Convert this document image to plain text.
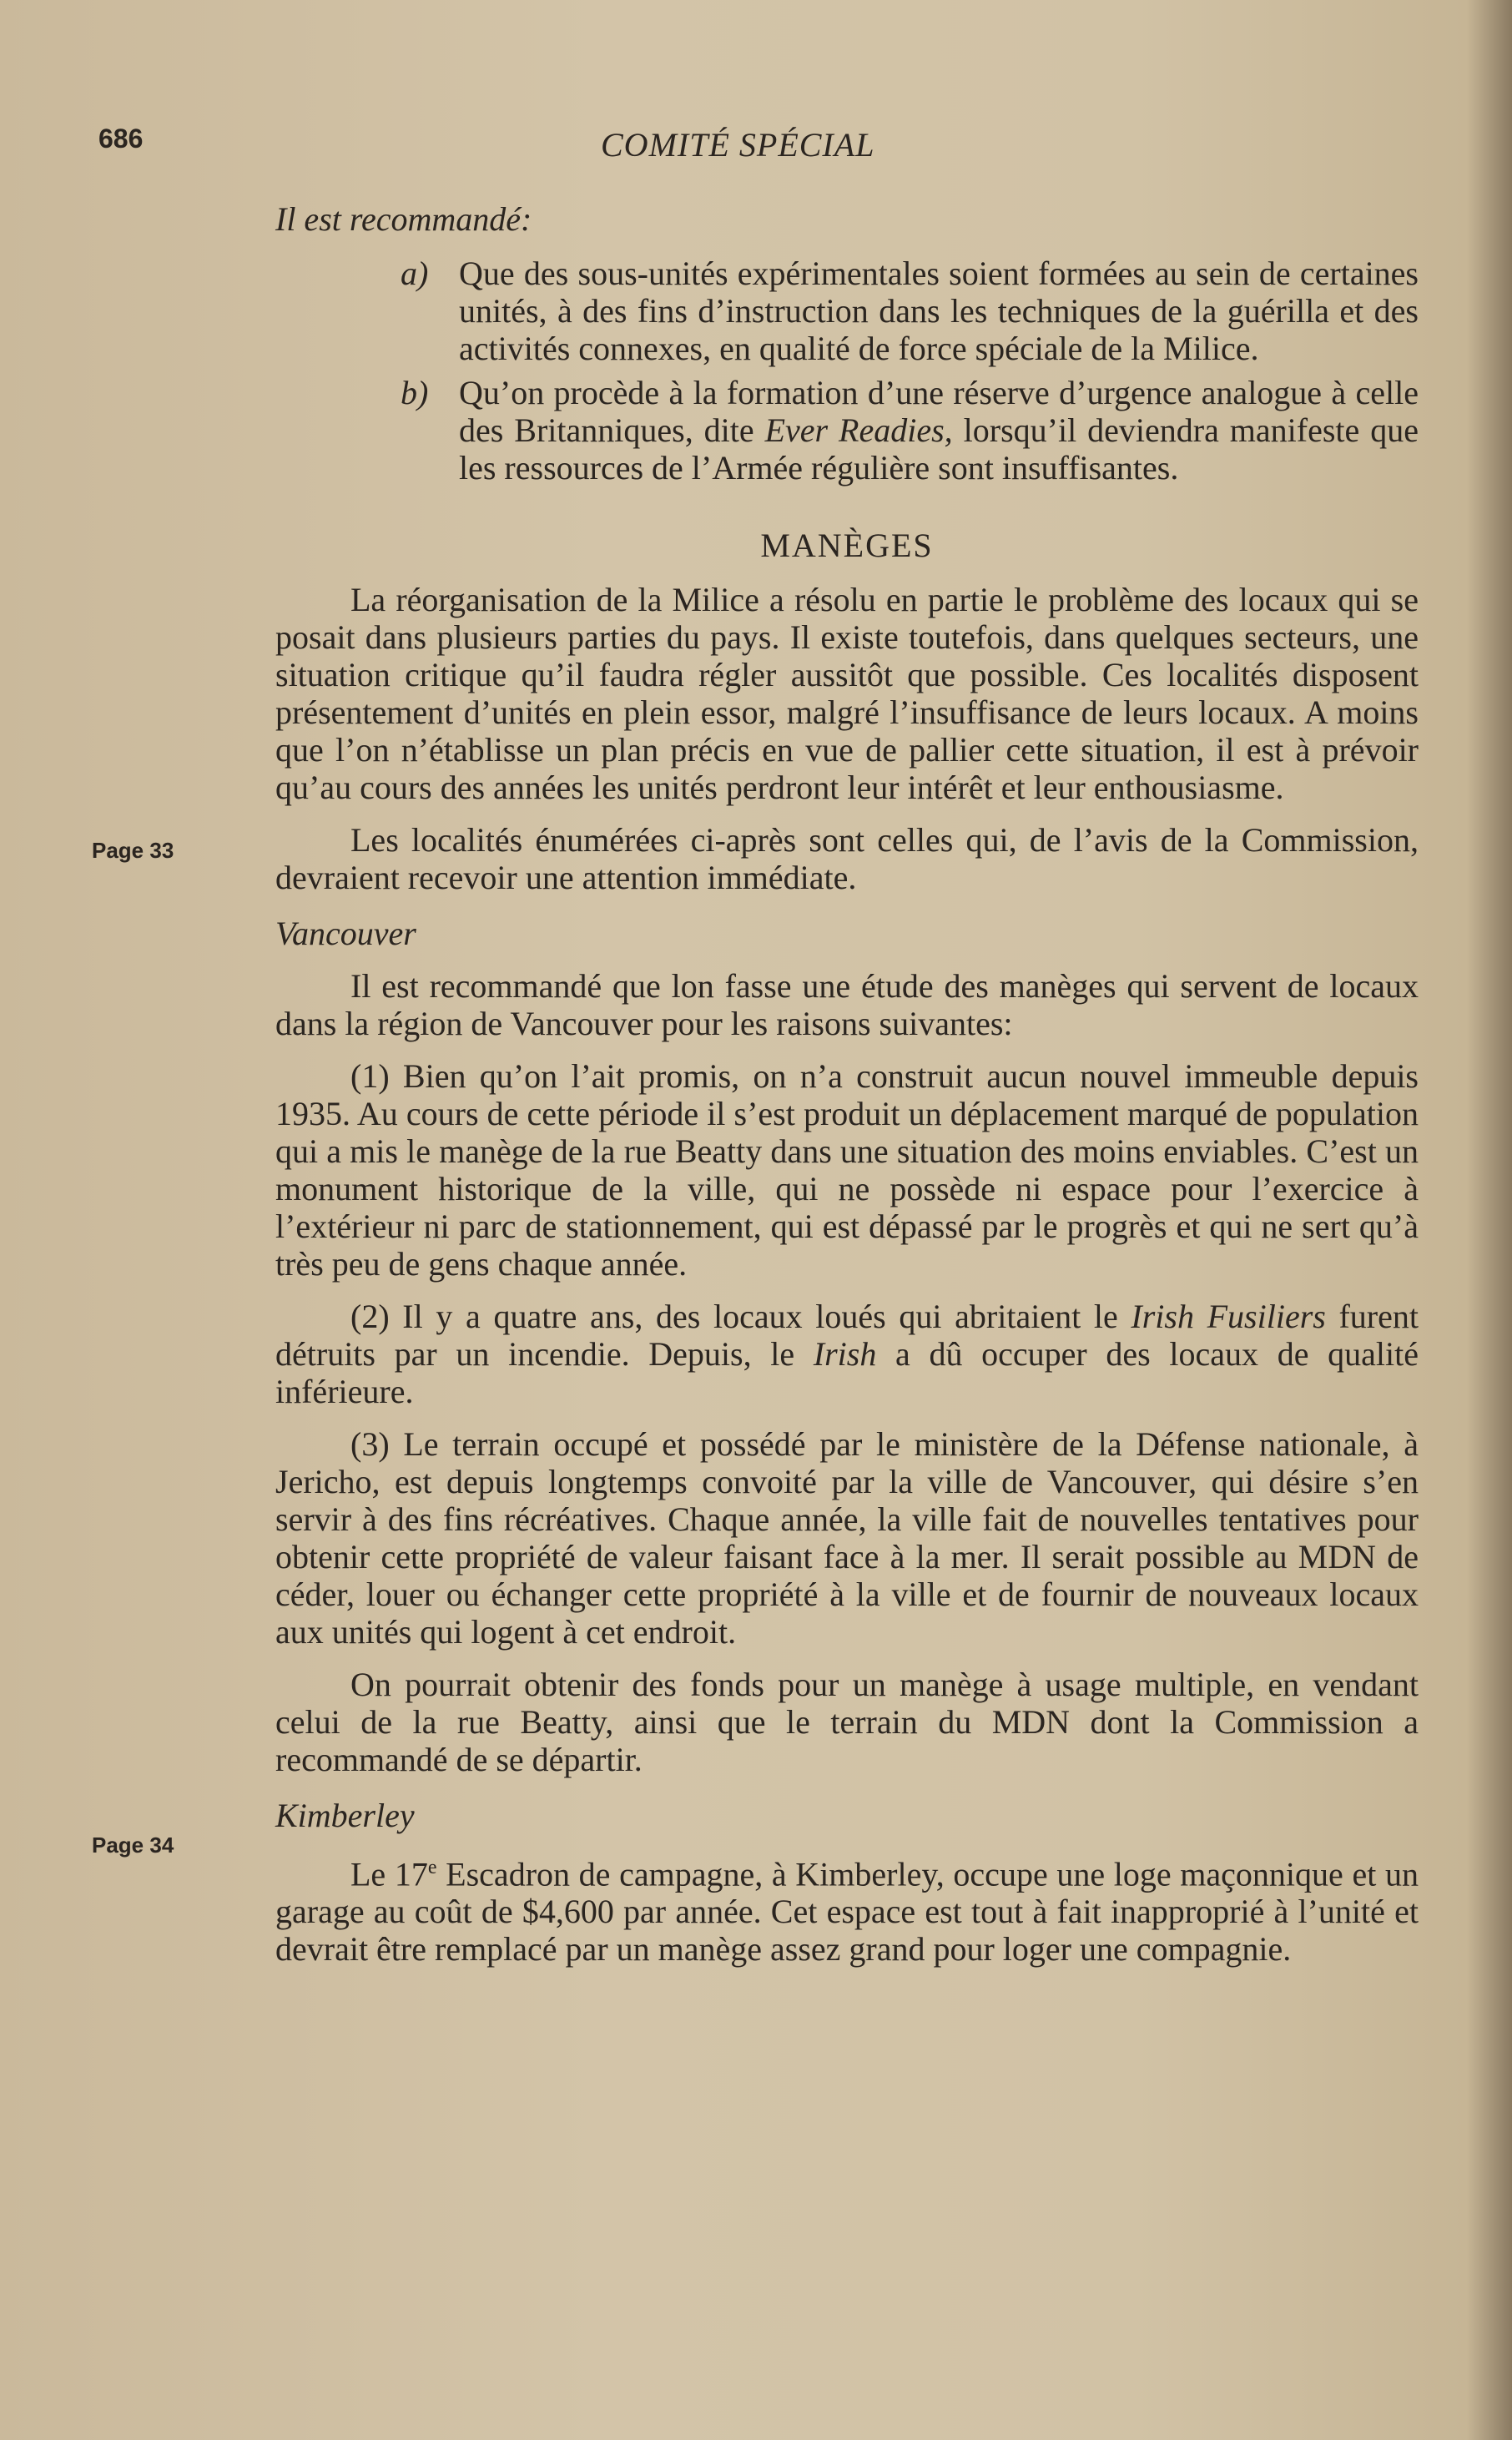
686	COMITÉ SPÉCIAL
Page 33
Page 34

Il est recommandé:

a) Que des sous-unités expérimentales soient formées au sein de certaines unités, à des fins d’instruction dans les techniques de la guérilla et des activités connexes, en qualité de force spéciale de la Milice.
b) Qu’on procède à la formation d’une réserve d’urgence analogue à celle des Britanniques, dite Ever Readies, lorsqu’il deviendra manifeste que les ressources de l’Armée régulière sont insuffisantes.
MANÈGES

La réorganisation de la Milice a résolu en partie le problème des locaux qui se posait dans plusieurs parties du pays. Il existe toutefois, dans quelques secteurs, une situation critique qu’il faudra régler aussitôt que possible. Ces localités disposent présentement d’unités en plein essor, malgré l’insuffisance de leurs locaux. A moins que l’on n’établisse un plan précis en vue de pallier cette situation, il est à prévoir qu’au cours des années les unités perdront leur intérêt et leur enthousiasme.

Les localités énumérées ci-après sont celles qui, de l’avis de la Commission, devraient recevoir une attention immédiate.

Vancouver

Il est recommandé que lon fasse une étude des manèges qui servent de locaux dans la région de Vancouver pour les raisons suivantes:

(1) Bien qu’on l’ait promis, on n’a construit aucun nouvel immeuble depuis 1935. Au cours de cette période il s’est produit un déplacement marqué de population qui a mis le manège de la rue Beatty dans une situation des moins enviables. C’est un monument historique de la ville, qui ne possède ni espace pour l’exercice à l’extérieur ni parc de stationnement, qui est dépassé par le progrès et qui ne sert qu’à très peu de gens chaque année.

(2) Il y a quatre ans, des locaux loués qui abritaient le Irish Fusiliers furent détruits par un incendie. Depuis, le Irish a dû occuper des locaux de qualité inférieure.

(3) Le terrain occupé et possédé par le ministère de la Défense nationale, à Jericho, est depuis longtemps convoité par la ville de Vancouver, qui désire s’en servir à des fins récréatives. Chaque année, la ville fait de nouvelles tentatives pour obtenir cette propriété de valeur faisant face à la mer. Il serait possible au MDN de céder, louer ou échanger cette propriété à la ville et de fournir de nouveaux locaux aux unités qui logent à cet endroit.

On pourrait obtenir des fonds pour un manège à usage multiple, en vendant celui de la rue Beatty, ainsi que le terrain du MDN dont la Commission a recommandé de se départir.

Kimberley

Le 17e Escadron de campagne, à Kimberley, occupe une loge maçonnique et un garage au coût de $4,600 par année. Cet espace est tout à fait inapproprié à l’unité et devrait être remplacé par un manège assez grand pour loger une compagnie.
